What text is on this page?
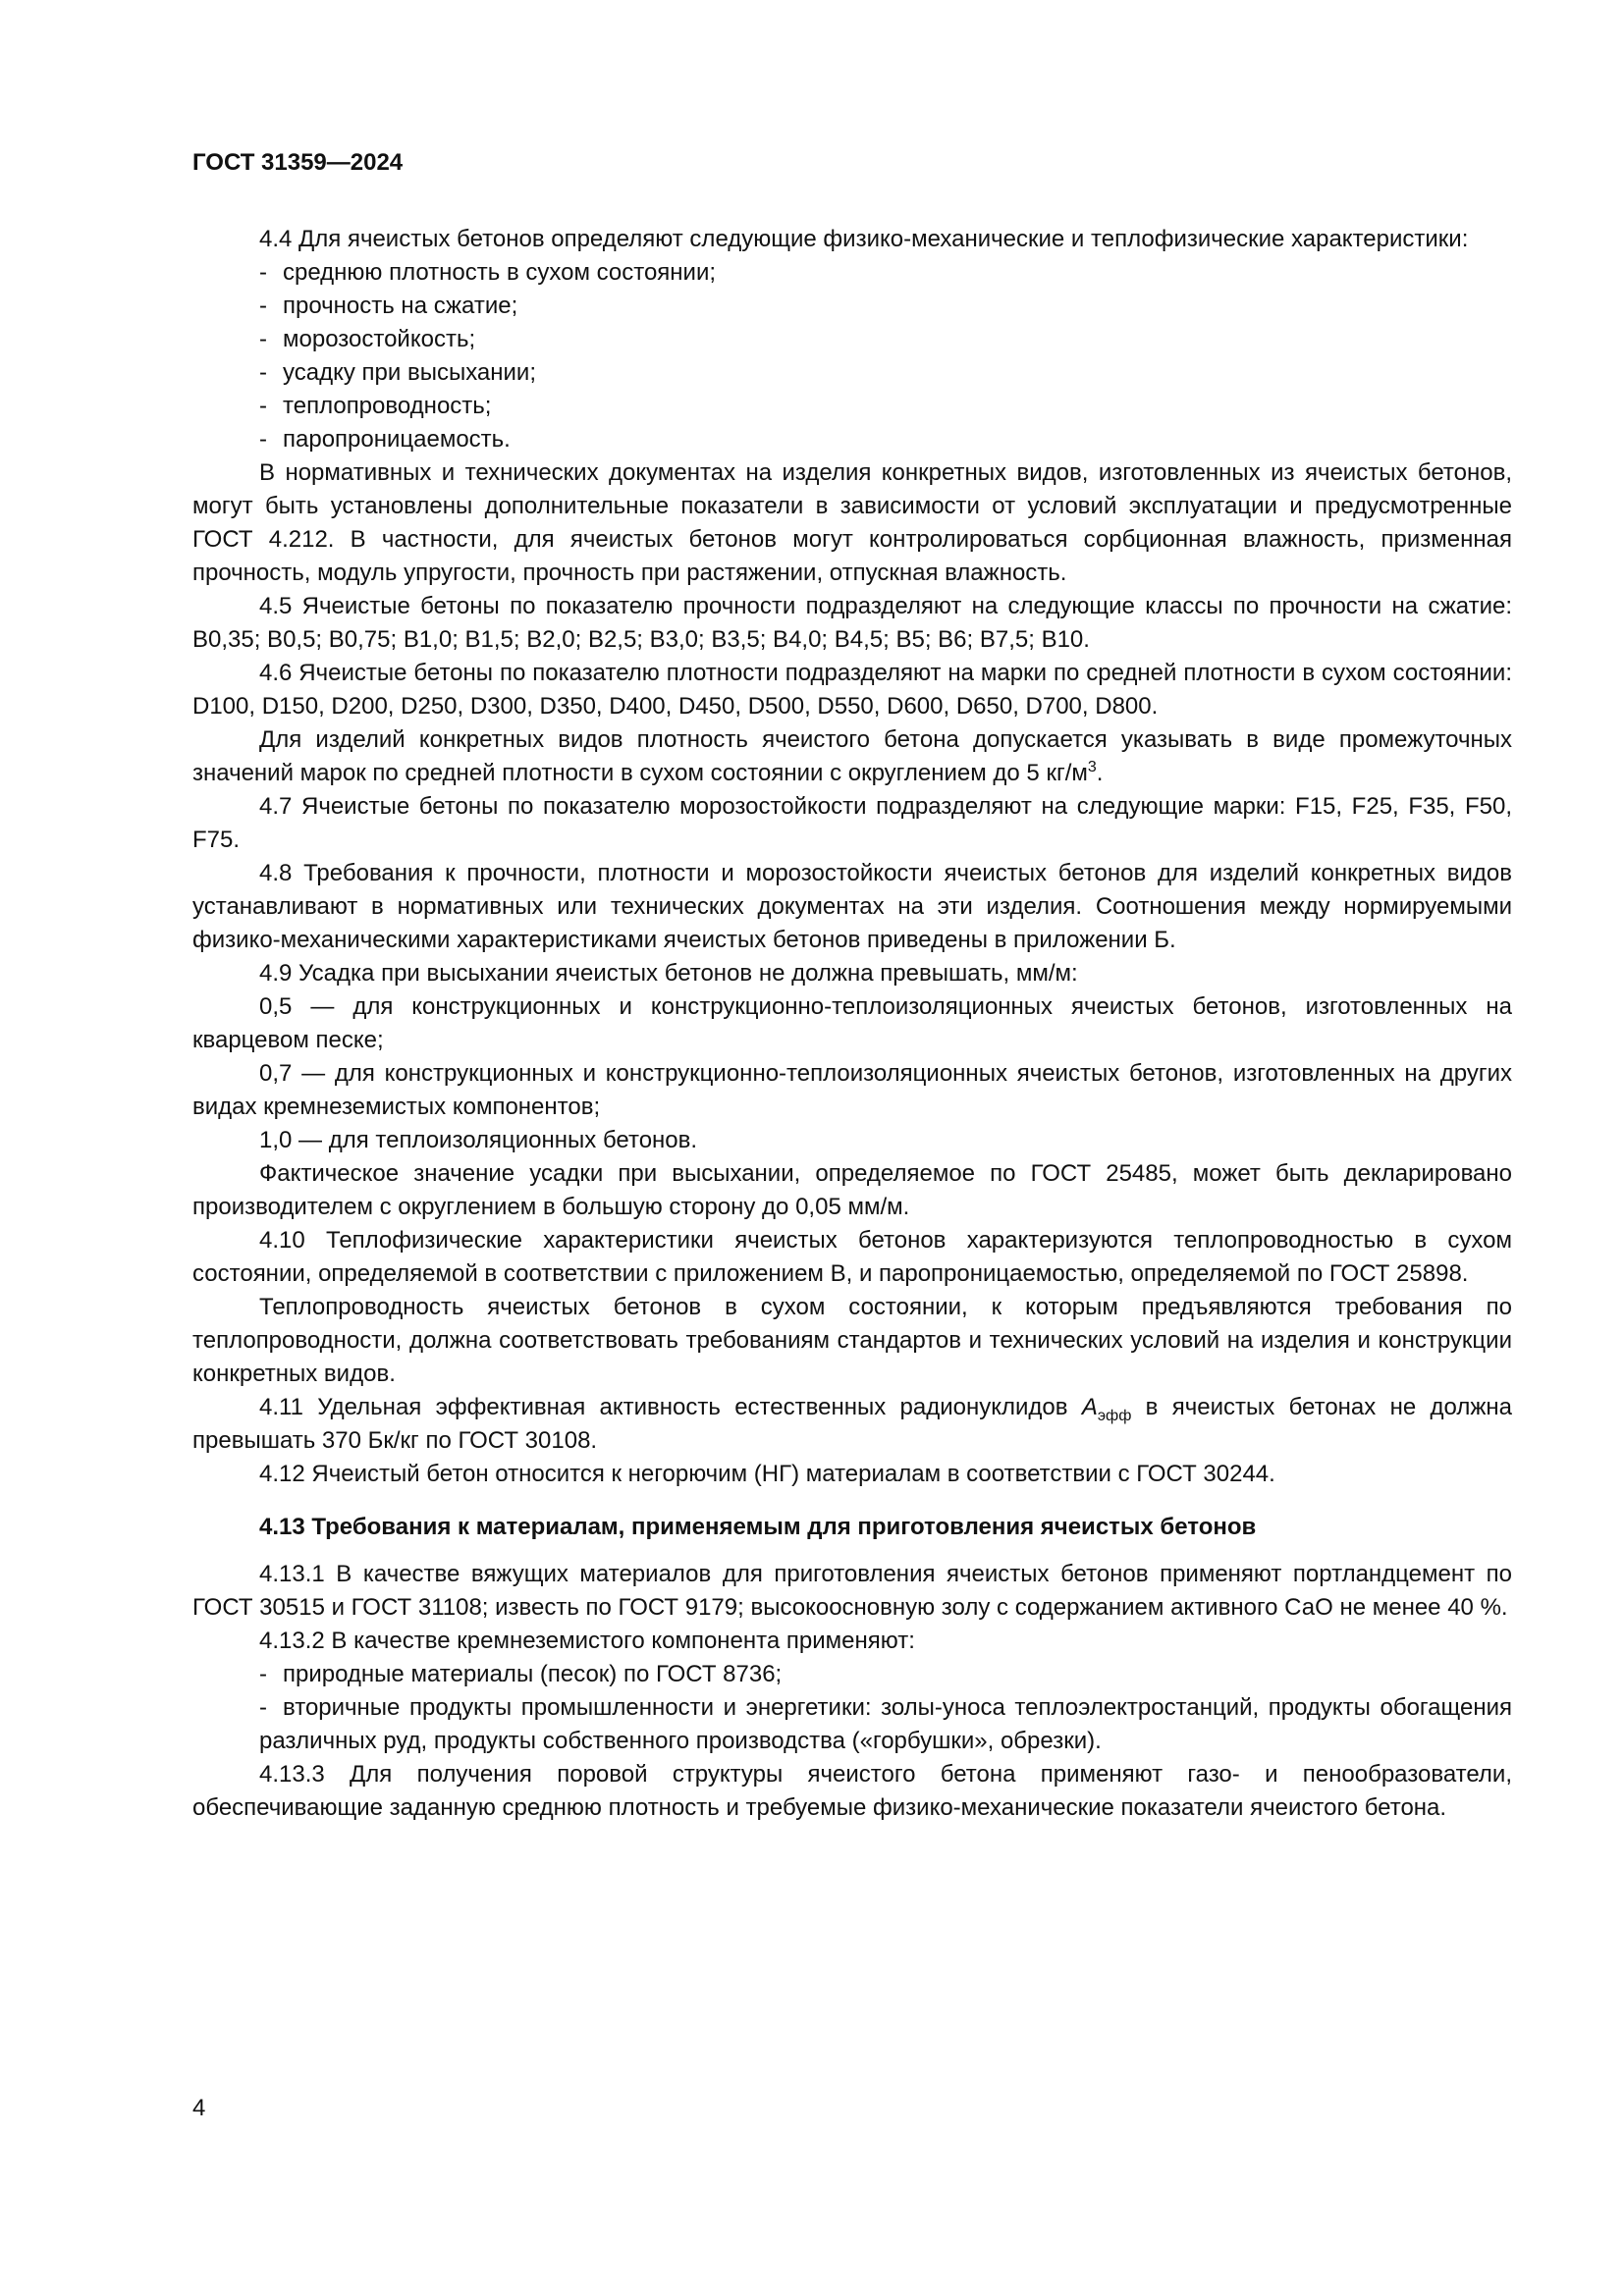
ГОСТ 31359—2024

4.4 Для ячеистых бетонов определяют следующие физико-механические и теплофизические характеристики:

- среднюю плотность в сухом состоянии;

- прочность на сжатие;

- морозостойкость;

- усадку при высыхании;

- теплопроводность;

- паропроницаемость.

В нормативных и технических документах на изделия конкретных видов, изготовленных из ячеистых бетонов, могут быть установлены дополнительные показатели в зависимости от условий эксплуатации и предусмотренные ГОСТ 4.212. В частности, для ячеистых бетонов могут контролироваться сорбционная влажность, призменная прочность, модуль упругости, прочность при растяжении, отпускная влажность.

4.5 Ячеистые бетоны по показателю прочности подразделяют на следующие классы по прочности на сжатие: В0,35; В0,5; В0,75; В1,0; В1,5; В2,0; В2,5; В3,0; В3,5; В4,0; В4,5; В5; В6; В7,5; В10.

4.6 Ячеистые бетоны по показателю плотности подразделяют на марки по средней плотности в сухом состоянии: D100, D150, D200, D250, D300, D350, D400, D450, D500, D550, D600, D650, D700, D800.

Для изделий конкретных видов плотность ячеистого бетона допускается указывать в виде промежуточных значений марок по средней плотности в сухом состоянии с округлением до 5 $кг/м^3$.

4.7 Ячеистые бетоны по показателю морозостойкости подразделяют на следующие марки: F15, F25, F35, F50, F75.

4.8 Требования к прочности, плотности и морозостойкости ячеистых бетонов для изделий конкретных видов устанавливают в нормативных или технических документах на эти изделия. Соотношения между нормируемыми физико-механическими характеристиками ячеистых бетонов приведены в приложении Б.

4.9 Усадка при высыхании ячеистых бетонов не должна превышать, мм/м:

0,5 — для конструкционных и конструкционно-теплоизоляционных ячеистых бетонов, изготовленных на кварцевом песке;

0,7 — для конструкционных и конструкционно-теплоизоляционных ячеистых бетонов, изготовленных на других видах кремнеземистых компонентов;

1,0 — для теплоизоляционных бетонов.

Фактическое значение усадки при высыхании, определяемое по ГОСТ 25485, может быть декларировано производителем с округлением в большую сторону до 0,05 мм/м.

4.10 Теплофизические характеристики ячеистых бетонов характеризуются теплопроводностью в сухом состоянии, определяемой в соответствии с приложением В, и паропроницаемостью, определяемой по ГОСТ 25898.

Теплопроводность ячеистых бетонов в сухом состоянии, к которым предъявляются требования по теплопроводности, должна соответствовать требованиям стандартов и технических условий на изделия и конструкции конкретных видов.

4.11 Удельная эффективная активность естественных радионуклидов $A_{эфф}$ в ячеистых бетонах не должна превышать 370 Бк/кг по ГОСТ 30108.

4.12 Ячеистый бетон относится к негорючим (НГ) материалам в соответствии с ГОСТ 30244.

4.13 Требования к материалам, применяемым для приготовления ячеистых бетонов

4.13.1 В качестве вяжущих материалов для приготовления ячеистых бетонов применяют портландцемент по ГОСТ 30515 и ГОСТ 31108; известь по ГОСТ 9179; высокоосновную золу с содержанием активного СаО не менее 40 %.

4.13.2 В качестве кремнеземистого компонента применяют:

- природные материалы (песок) по ГОСТ 8736;

- вторичные продукты промышленности и энергетики: золы-уноса теплоэлектростанций, продукты обогащения различных руд, продукты собственного производства («горбушки», обрезки).

4.13.3 Для получения поровой структуры ячеистого бетона применяют газо- и пенообразователи, обеспечивающие заданную среднюю плотность и требуемые физико-механические показатели ячеистого бетона.

4
